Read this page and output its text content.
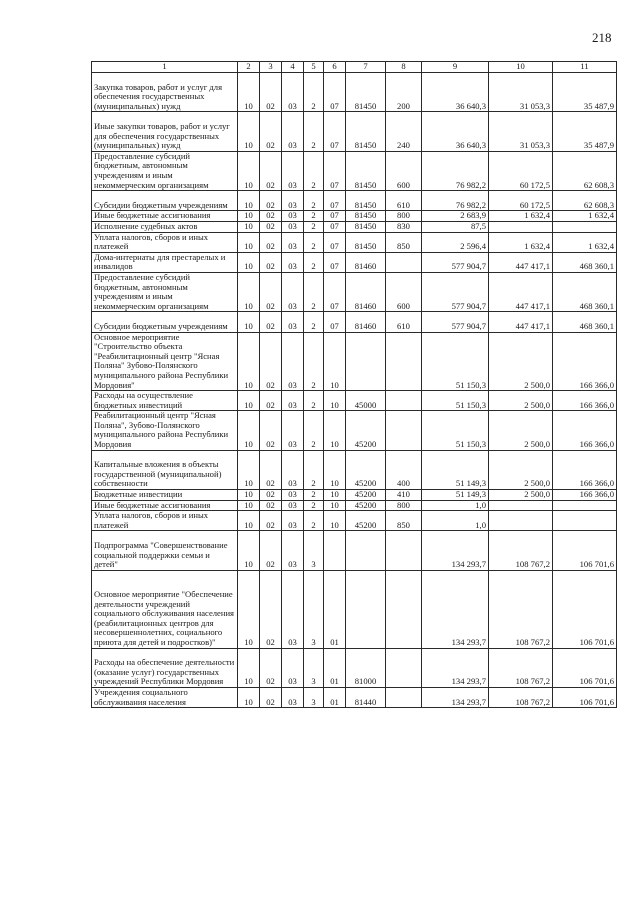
218
1	2	3	4	5	6	7	8	9	10	11
Закупка товаров, работ и услуг для обеспечения государственных (муниципальных) нужд	10	02	03	2	07	81450	200	36 640,3	31 053,3	35 487,9
Иные закупки товаров, работ и услуг для обеспечения государственных (муниципальных) нужд	10	02	03	2	07	81450	240	36 640,3	31 053,3	35 487,9
Предоставление субсидий бюджетным, автономным учреждениям и иным некоммерческим организациям	10	02	03	2	07	81450	600	76 982,2	60 172,5	62 608,3
Субсидии бюджетным учреждениям	10	02	03	2	07	81450	610	76 982,2	60 172,5	62 608,3
Иные бюджетные ассигнования	10	02	03	2	07	81450	800	2 683,9	1 632,4	1 632,4
Исполнение судебных актов	10	02	03	2	07	81450	830	87,5		
Уплата налогов, сборов и иных платежей	10	02	03	2	07	81450	850	2 596,4	1 632,4	1 632,4
Дома-интернаты для престарелых и инвалидов	10	02	03	2	07	81460		577 904,7	447 417,1	468 360,1
Предоставление субсидий бюджетным, автономным учреждениям и иным некоммерческим организациям	10	02	03	2	07	81460	600	577 904,7	447 417,1	468 360,1
Субсидии бюджетным учреждениям	10	02	03	2	07	81460	610	577 904,7	447 417,1	468 360,1
Основное мероприятие "Строительство объекта "Реабилитационный центр "Ясная Поляна" Зубово-Полянского муниципального района Республики Мордовия"	10	02	03	2	10			51 150,3	2 500,0	166 366,0
Расходы на осуществление бюджетных инвестиций	10	02	03	2	10	45000		51 150,3	2 500,0	166 366,0
Реабилитационный центр "Ясная Поляна", Зубово-Полянского муниципального района Республики Мордовия	10	02	03	2	10	45200		51 150,3	2 500,0	166 366,0
Капитальные вложения в объекты государственной (муниципальной) собственности	10	02	03	2	10	45200	400	51 149,3	2 500,0	166 366,0
Бюджетные инвестиции	10	02	03	2	10	45200	410	51 149,3	2 500,0	166 366,0
Иные бюджетные ассигнования	10	02	03	2	10	45200	800	1,0		
Уплата налогов, сборов и иных платежей	10	02	03	2	10	45200	850	1,0		
Подпрограмма "Совершенствование социальной поддержки семьи и детей"	10	02	03	3				134 293,7	108 767,2	106 701,6
Основное мероприятие "Обеспечение деятельности учреждений социального обслуживания населения (реабилитационных центров для несовершеннолетних, социального приюта для детей и подростков)"	10	02	03	3	01			134 293,7	108 767,2	106 701,6
Расходы на обеспечение деятельности (оказание услуг) государственных учреждений Республики Мордовия	10	02	03	3	01	81000		134 293,7	108 767,2	106 701,6
Учреждения социального обслуживания населения	10	02	03	3	01	81440		134 293,7	108 767,2	106 701,6
